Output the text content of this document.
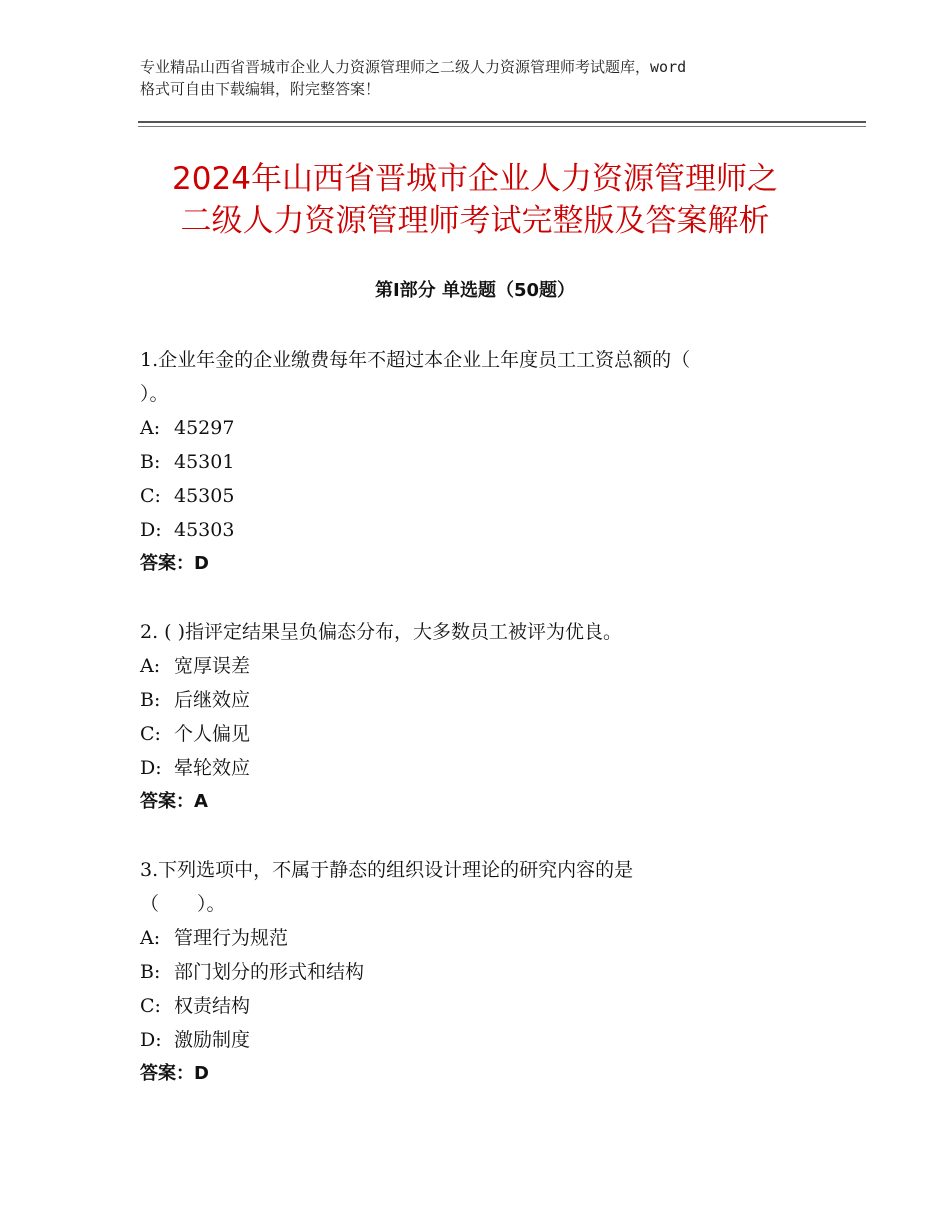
专业精品山西省晋城市企业人力资源管理师之二级人力资源管理师考试题库，word
格式可自由下载编辑，附完整答案！
2024年山西省晋城市企业人力资源管理师之
二级人力资源管理师考试完整版及答案解析
第Ⅰ部分 单选题（50题）

1.企业年金的企业缴费每年不超过本企业上年度员工工资总额的（

）。

A: 45297

B: 45301

C: 45305

D: 45303

答案：D

2. ( )指评定结果呈负偏态分布，大多数员工被评为优良。

A: 宽厚误差

B: 后继效应

C: 个人偏见

D: 晕轮效应

答案：A

3.下列选项中，不属于静态的组织设计理论的研究内容的是

（　　）。

A: 管理行为规范

B: 部门划分的形式和结构

C: 权责结构

D: 激励制度

答案：D
